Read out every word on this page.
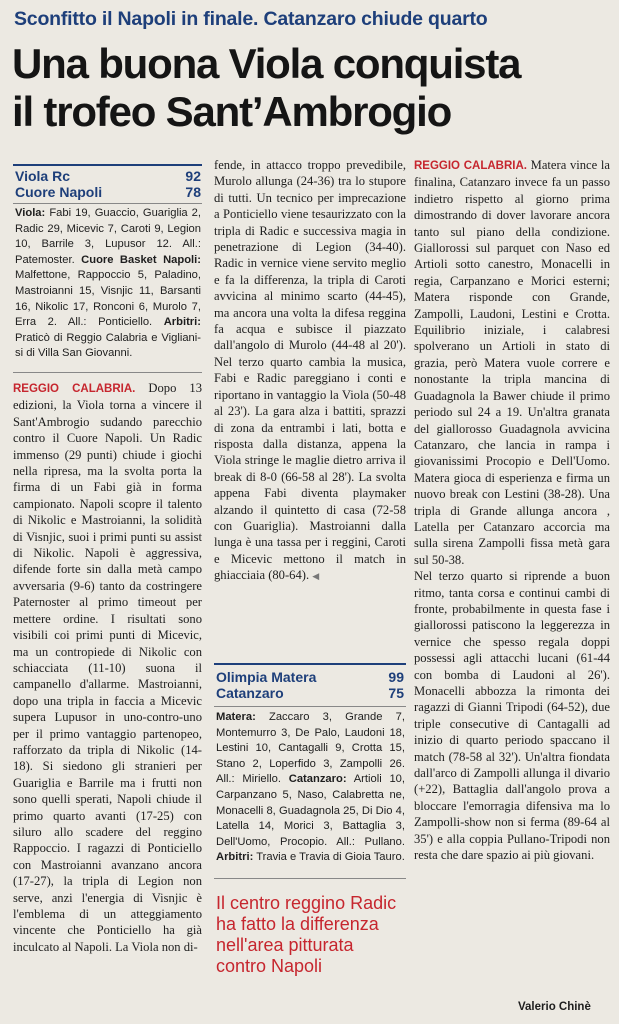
Sconfitto il Napoli in finale. Catanzaro chiude quarto
Una buona Viola conquista
il trofeo Sant’Ambrogio
Viola Rc	92
Cuore Napoli	78
Viola: Fabi 19, Guaccio, Guariglia 2, Radic 29, Micevic 7, Caroti 9, Legion 10, Barrile 3, Lupusor 12. All.: Patemoster. Cuore Basket Napoli: Malfettone, Rappoccio 5, Paladino, Mastroianni 15, Visnjic 11, Barsanti 16, Nikolic 17, Ronconi 6, Murolo 7, Erra 2. All.: Ponticiello. Arbitri: Praticò di Reggio Calabria e Viglianisi di Villa San Giovanni.

REGGIO CALABRIA. Dopo 13 edizioni, la Viola torna a vincere il Sant'Ambrogio sudando parecchio contro il Cuore Napoli. Un Radic immenso (29 punti) chiude i giochi nella ripresa, ma la svolta porta la firma di un Fabi già in forma campionato. Napoli scopre il talento di Nikolic e Mastroianni, la solidità di Visnjic, suoi i primi punti su assist di Nikolic. Napoli è aggressiva, difende forte sin dalla metà campo avversaria (9-6) tanto da costringere Paternoster al primo timeout per mettere ordine. I risultati sono visibili coi primi punti di Micevic, ma un contropiede di Nikolic con schiacciata (11-10) suona il campanello d'allarme. Mastroianni, dopo una tripla in faccia a Micevic supera Lupusor in uno-contro-uno per il primo vantaggio partenopeo, rafforzato da tripla di Nikolic (14-18). Si siedono gli stranieri per Guariglia e Barrile ma i frutti non sono quelli sperati, Napoli chiude il primo quarto avanti (17-25) con siluro allo scadere del reggino Rappoccio. I ragazzi di Ponticiello con Mastroianni avanzano ancora (17-27), la tripla di Legion non serve, anzi l'energia di Visnjic è l'emblema di un atteggiamento vincente che Ponticiello ha già inculcato al Napoli. La Viola non di-

fende, in attacco troppo prevedibile, Murolo allunga (24-36) tra lo stupore di tutti. Un tecnico per imprecazione a Ponticiello viene tesaurizzato con la tripla di Radic e successiva magia in penetrazione di Legion (34-40). Radic in vernice viene servito meglio e fa la differenza, la tripla di Caroti avvicina al minimo scarto (44-45), ma ancora una volta la difesa reggina fa acqua e subisce il piazzato dall'angolo di Murolo (44-48 al 20'). Nel terzo quarto cambia la musica, Fabi e Radic pareggiano i conti e riportano in vantaggio la Viola (50-48 al 23'). La gara alza i battiti, sprazzi di zona da entrambi i lati, botta e risposta dalla distanza, appena la Viola stringe le maglie dietro arriva il break di 8-0 (66-58 al 28'). La svolta appena Fabi diventa playmaker alzando il quintetto di casa (72-58 con Guariglia). Mastroianni dalla lunga è una tassa per i reggini, Caroti e Micevic mettono il match in ghiacciaia (80-64). ◀

Olimpia Matera	99
Catanzaro	75
Matera: Zaccaro 3, Grande 7, Montemurro 3, De Palo, Laudoni 18, Lestini 10, Cantagalli 9, Crotta 15, Stano 2, Loperfido 3, Zampolli 26. All.: Miriello. Catanzaro: Artioli 10, Carpanzano 5, Naso, Calabretta ne, Monacelli 8, Guadagnola 25, Di Dio 4, Latella 14, Morici 3, Battaglia 3, Dell'Uomo, Procopio. All.: Pullano. Arbitri: Travia e Travia di Gioia Tauro.
Il centro reggino Radic ha fatto la differenza nell'area pitturata contro Napoli

REGGIO CALABRIA. Matera vince la finalina, Catanzaro invece fa un passo indietro rispetto al giorno prima dimostrando di dover lavorare ancora tanto sul piano della condizione. Giallorossi sul parquet con Naso ed Artioli sotto canestro, Monacelli in regia, Carpanzano e Morici esterni; Matera risponde con Grande, Zampolli, Laudoni, Lestini e Crotta. Equilibrio iniziale, i calabresi spolverano un Artioli in stato di grazia, però Matera vuole correre e nonostante la tripla mancina di Guadagnola la Bawer chiude il primo periodo sul 24 a 19. Un'altra granata del giallorosso Guadagnola avvicina Catanzaro, che lancia in rampa i giovanissimi Procopio e Dell'Uomo. Matera gioca di esperienza e firma un nuovo break con Lestini (38-28). Una tripla di Grande allunga ancora , Latella per Catanzaro accorcia ma sulla sirena Zampolli fissa metà gara sul 50-38.

Nel terzo quarto si riprende a buon ritmo, tanta corsa e continui cambi di fronte, probabilmente in questa fase i giallorossi patiscono la leggerezza in vernice che spesso regala doppi possessi agli attacchi lucani (61-44 con bomba di Laudoni al 26'). Monacelli abbozza la rimonta dei ragazzi di Gianni Tripodi (64-52), due triple consecutive di Cantagalli ad inizio di quarto periodo spaccano il match (78-58 al 32'). Un'altra fiondata dall'arco di Zampolli allunga il divario (+22), Battaglia dall'angolo prova a bloccare l'emorragia difensiva ma lo Zampolli-show non si ferma (89-64 al 35') e alla coppia Pullano-Tripodi non resta che dare spazio ai più giovani.

Valerio Chinè
